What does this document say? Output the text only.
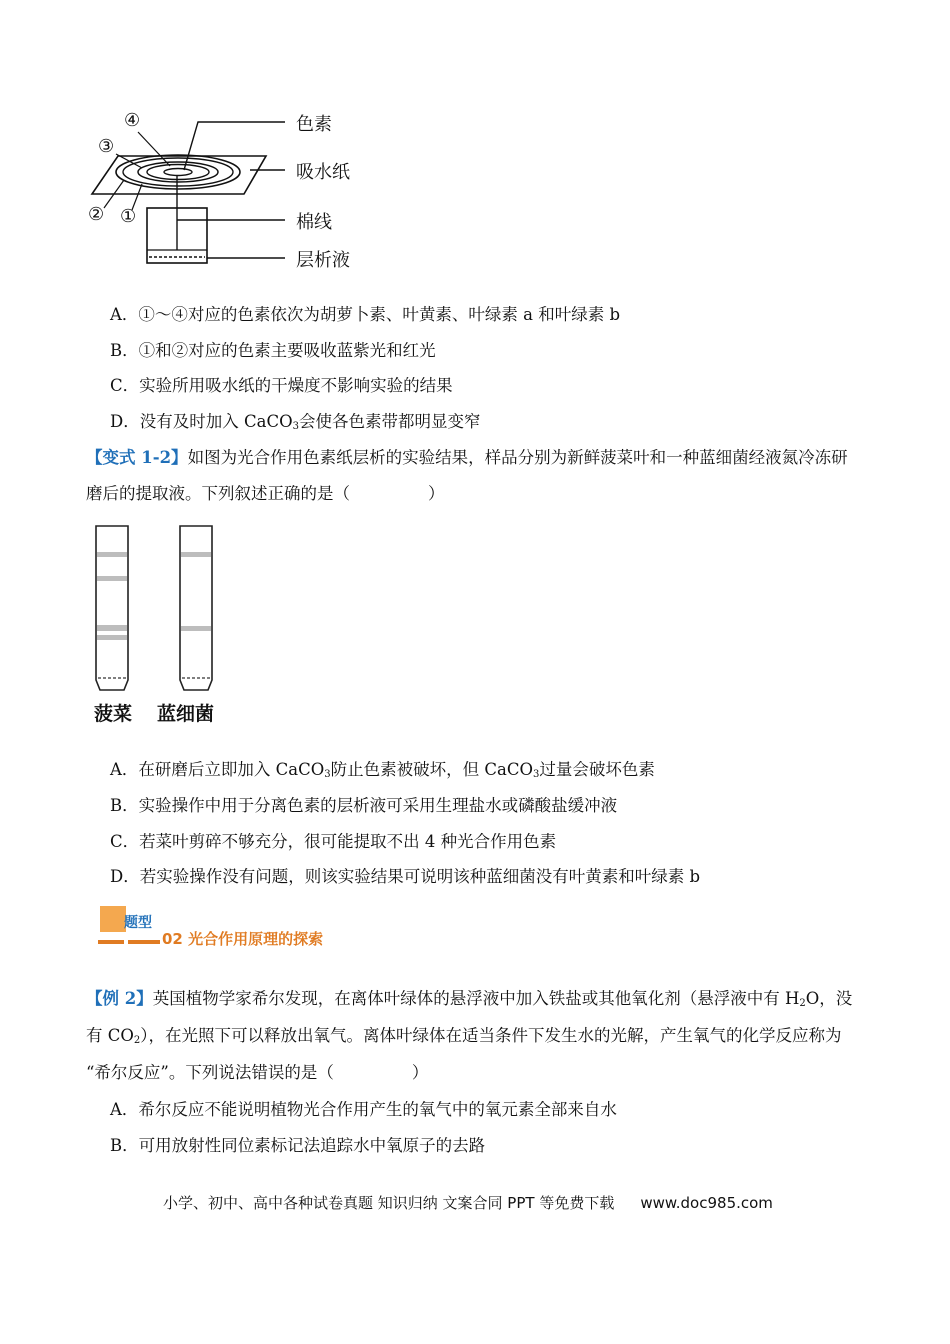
④
③
② ①
色素
吸水纸
棉线
层析液
A．①～④对应的色素依次为胡萝卜素、叶黄素、叶绿素 a 和叶绿素 b
B．①和②对应的色素主要吸收蓝紫光和红光
C．实验所用吸水纸的干燥度不影响实验的结果
D．没有及时加入 CaCO$_3$会使各色素带都明显变窄
【变式 1-2】如图为光合作用色素纸层析的实验结果，样品分别为新鲜菠菜叶和一种蓝细菌经液氮冷冻研
磨后的提取液。下列叙述正确的是（	）
菠菜 蓝细菌
A．在研磨后立即加入 CaCO$_3$防止色素被破坏，但 CaCO$_3$过量会破坏色素
B．实验操作中用于分离色素的层析液可采用生理盐水或磷酸盐缓冲液
C．若菜叶剪碎不够充分，很可能提取不出 4 种光合作用色素
D．若实验操作没有问题，则该实验结果可说明该种蓝细菌没有叶黄素和叶绿素 b
题型
02 光合作用原理的探索
【例 2】英国植物学家希尔发现，在离体叶绿体的悬浮液中加入铁盐或其他氧化剂（悬浮液中有 $H_2O$，没
有 $CO_2$），在光照下可以释放出氧气。离体叶绿体在适当条件下发生水的光解，产生氧气的化学反应称为
“希尔反应”。下列说法错误的是（	）
A．希尔反应不能说明植物光合作用产生的氧气中的氧元素全部来自水
B．可用放射性同位素标记法追踪水中氧原子的去路
小学、初中、高中各种试卷真题 知识归纳 文案合同 PPT 等免费下载 www.doc985.com
